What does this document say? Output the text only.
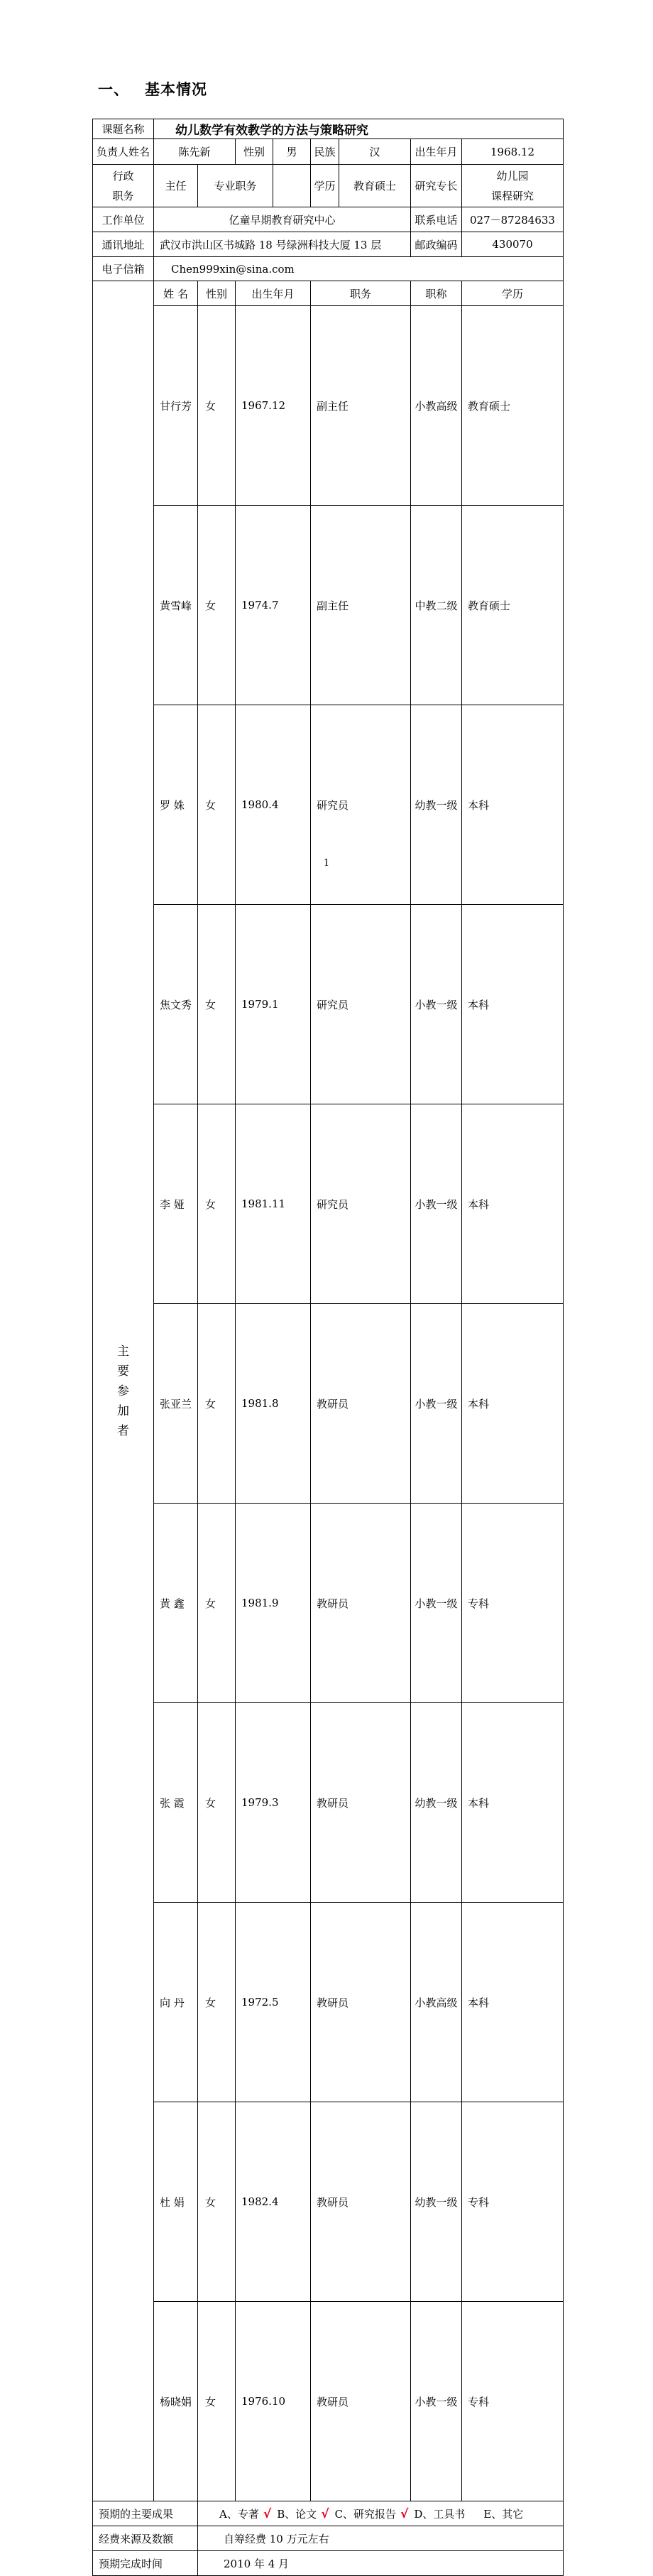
一、 基本情况
课题名称	幼儿数学有效教学的方法与策略研究								
负责人姓名	陈先新		性别	男	民族	汉	出生年月	1968.12	
行政
职务	主任	专业职务			学历	教育硕士	研究专长	幼儿园
课程研究	
工作单位	亿童早期教育研究中心						联系电话	027－87284633	
通讯地址	武汉市洪山区书城路 18 号绿洲科技大厦 13 层						邮政编码	430070	
电子信箱	Chen999xin@sina.com								

主
要
参
加
者	姓 名	性别	出生年月		职务		职称	学历	
	甘行芳	女	1967.12		副主任		小教高级	教育硕士	
	黄雪峰	女	1974.7		副主任		中教二级	教育硕士	
	罗 姝	女	1980.4		研究员		幼教一级	本科	
	焦文秀	女	1979.1		研究员		小教一级	本科	
	李 娅	女	1981.11		研究员		小教一级	本科	
	张亚兰	女	1981.8		教研员		小教一级	本科	
	黄 鑫	女	1981.9		教研员		小教一级	专科	
	张 霞	女	1979.3		教研员		幼教一级	本科	
	向 丹	女	1972.5		教研员		小教高级	本科	
	杜 娟	女	1982.4		教研员		幼教一级	专科	
	杨晓娟	女	1976.10		教研员		小教一级	专科	
预期的主要成果		A、专著 √ B、论文 √ C、研究报告 √ D、工具书 E、其它							
经费来源及数额		自筹经费 10 万元左右							
预期完成时间		2010 年 4 月							
1
